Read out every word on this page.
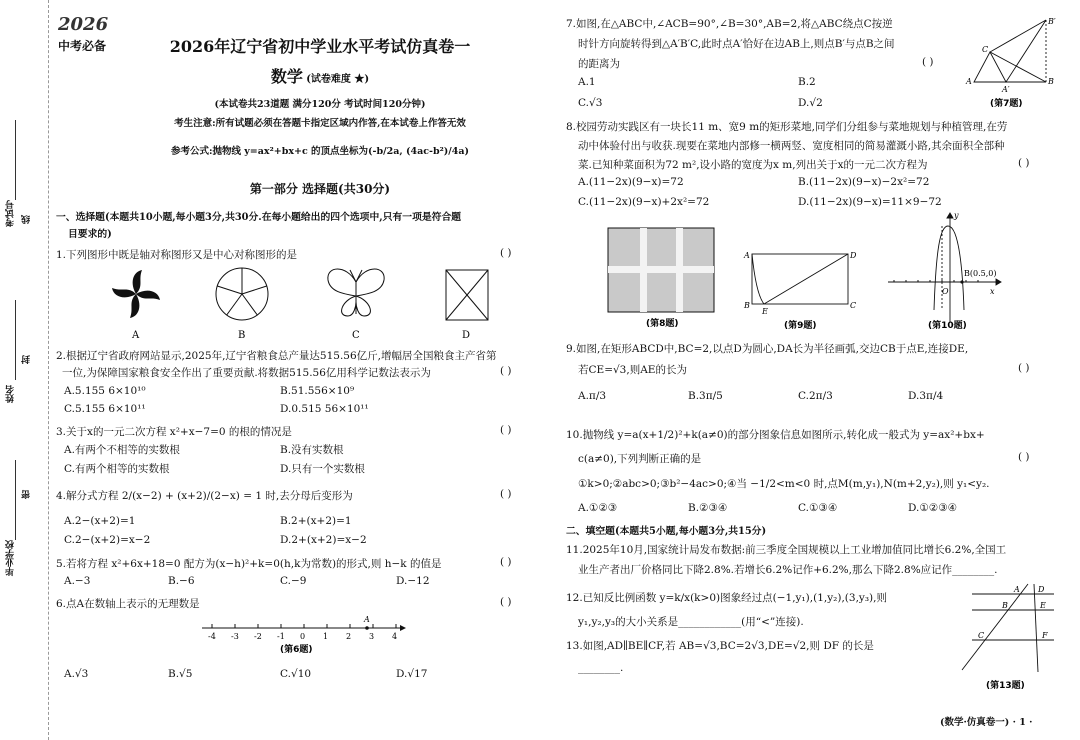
考试号 线
姓名
封
毕业学校
密
2026
中考必备	2026年辽宁省初中学业水平考试仿真卷一
数学 (试卷难度 ★)
(本试卷共23道题 满分120分 考试时间120分钟)
考生注意:所有试题必须在答题卡指定区域内作答,在本试卷上作答无效
参考公式:抛物线 y=ax²+bx+c 的顶点坐标为(-b/2a, (4ac-b²)/4a)
第一部分 选择题(共30分)
一、选择题(本题共10小题,每小题3分,共30分.在每小题给出的四个选项中,只有一项是符合题
目要求的)
1.下列图形中既是轴对称图形又是中心对称图形的是	( )
A	B	C	D
2.根据辽宁省政府网站显示,2025年,辽宁省粮食总产量达515.56亿斤,增幅居全国粮食主产省第
一位,为保障国家粮食安全作出了重要贡献.将数据515.56亿用科学记数法表示为	( )
A.5.155 6×10¹⁰	B.51.556×10⁹
C.5.155 6×10¹¹	D.0.515 56×10¹¹
3.关于x的一元二次方程 x²+x−7=0 的根的情况是	( )
A.有两个不相等的实数根	B.没有实数根
C.有两个相等的实数根	D.只有一个实数根
4.解分式方程 2/(x−2) + (x+2)/(2−x) = 1 时,去分母后变形为	( )
A.2−(x+2)=1	B.2+(x+2)=1
C.2−(x+2)=x−2	D.2+(x+2)=x−2
5.若将方程 x²+6x+18=0 配方为(x−h)²+k=0(h,k为常数)的形式,则 h−k 的值是	( )
A.−3	B.−6	C.−9	D.−12
6.点A在数轴上表示的无理数是	( )
-4 -3 -2 -1 0 1 2 3 4
A
(第6题)
A.√3	B.√5	C.√10	D.√17
7.如图,在△ABC中,∠ACB=90°,∠B=30°,AB=2,将△ABC绕点C按逆
时针方向旋转得到△A′B′C,此时点A′恰好在边AB上,则点B′与点B之间
的距离为	( )
A.1	B.2
C.√3	D.√2
B′
C
A
A′
B
(第7题)
8.校园劳动实践区有一块长11 m、宽9 m的矩形菜地,同学们分组参与菜地规划与种植管理,在劳
动中体验付出与收获.现要在菜地内部修一横两竖、宽度相同的简易灌溉小路,其余面积全部种
菜.已知种菜面积为72 m²,设小路的宽度为x m,列出关于x的一元二次方程为	( )
A.(11−2x)(9−x)=72	B.(11−2x)(9−x)−2x²=72
C.(11−2x)(9−x)+2x²=72	D.(11−2x)(9−x)=11×9−72
(第8题)
A	D
B
E
C
(第9题)
B(0.5,0)
O	x
y
(第10题)
9.如图,在矩形ABCD中,BC=2,以点D为圆心,DA长为半径画弧,交边CB于点E,连接DE,
若CE=√3,则AE的长为	( )
A.π/3	B.3π/5	C.2π/3	D.3π/4
10.抛物线 y=a(x+1/2)²+k(a≠0)的部分图象信息如图所示,转化成一般式为 y=ax²+bx+
c(a≠0),下列判断正确的是	( )
①k>0;②abc>0;③b²−4ac>0;④当 −1/2<m<0 时,点M(m,y₁),N(m+2,y₂),则 y₁<y₂.
A.①②③	B.②③④	C.①③④	D.①②③④
二、填空题(本题共5小题,每小题3分,共15分)
11.2025年10月,国家统计局发布数据:前三季度全国规模以上工业增加值同比增长6.2%,全国工
业生产者出厂价格同比下降2.8%.若增长6.2%记作+6.2%,那么下降2.8%应记作________.
12.已知反比例函数 y=k/x(k>0)图象经过点(−1,y₁),(1,y₂),(3,y₃),则
y₁,y₂,y₃的大小关系是____________(用“<”连接).
13.如图,AD∥BE∥CF,若 AB=√3,BC=2√3,DE=√2,则 DF 的长是
________.
A D
B	E
C	F
(第13题)
(数学·仿真卷一) · 1 ·
